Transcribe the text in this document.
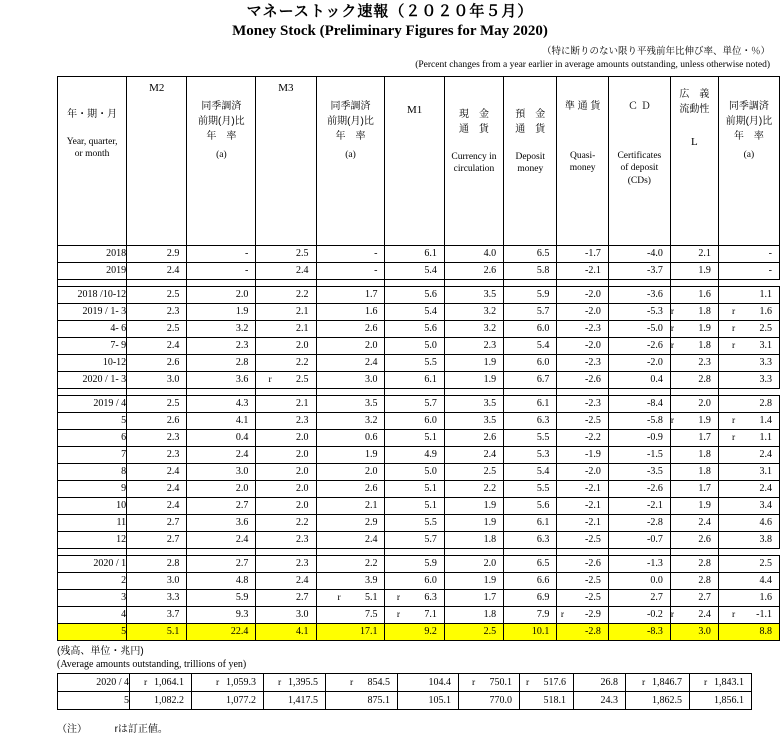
マネーストック速報（２０２０年５月）
Money Stock (Preliminary Figures for May 2020)
（特に断りのない限り平残前年比伸び率、単位・％）
(Percent changes from a year earlier in average amounts outstanding, unless otherwise noted)
年・期・月
Year, quarter,
or month

M2

同季調済
前期(月)比
年　率
(a)

M3

同季調済
前期(月)比
年　率
(a)

M1	現　金
通　貨
Currency in
circulation

預　金
通　貨
Deposit
money

準 通 貨
Quasi-
money

Ｃ Ｄ
Certificates
of deposit
(CDs)

広　義
流動性
L

同季調済
前期(月)比
年　率
(a)

2018	2.9	-	2.5	-	6.1	4.0	6.5	-1.7	-4.0	2.1	-

2019	2.4	-	2.4	-	5.4	2.6	5.8	-2.1	-3.7	1.9	-

2018 /10-12	2.5	2.0	2.2	1.7	5.6	3.5	5.9	-2.0	-3.6	1.6	1.1

2019 / 1- 3	2.3	1.9	2.1	1.6	5.4	3.2	5.7	-2.0	-5.3	r 1.8	r 1.6

4- 6	2.5	3.2	2.1	2.6	5.6	3.2	6.0	-2.3	-5.0	r 1.9	r 2.5

7- 9	2.4	2.3	2.0	2.0	5.0	2.3	5.4	-2.0	-2.6	r 1.8	r 3.1

10-12	2.6	2.8	2.2	2.4	5.5	1.9	6.0	-2.3	-2.0	2.3	3.3

2020 / 1- 3	3.0	3.6	r 2.5	3.0	6.1	1.9	6.7	-2.6	0.4	2.8	3.3

2019 / 4	2.5	4.3	2.1	3.5	5.7	3.5	6.1	-2.3	-8.4	2.0	2.8

5	2.6	4.1	2.3	3.2	6.0	3.5	6.3	-2.5	-5.8	r 1.9	r 1.4

6	2.3	0.4	2.0	0.6	5.1	2.6	5.5	-2.2	-0.9	1.7	r 1.1

7	2.3	2.4	2.0	1.9	4.9	2.4	5.3	-1.9	-1.5	1.8	2.4

8	2.4	3.0	2.0	2.0	5.0	2.5	5.4	-2.0	-3.5	1.8	3.1

9	2.4	2.0	2.0	2.6	5.1	2.2	5.5	-2.1	-2.6	1.7	2.4

10	2.4	2.7	2.0	2.1	5.1	1.9	5.6	-2.1	-2.1	1.9	3.4

11	2.7	3.6	2.2	2.9	5.5	1.9	6.1	-2.1	-2.8	2.4	4.6

12	2.7	2.4	2.3	2.4	5.7	1.8	6.3	-2.5	-0.7	2.6	3.8

2020 / 1	2.8	2.7	2.3	2.2	5.9	2.0	6.5	-2.6	-1.3	2.8	2.5

2	3.0	4.8	2.4	3.9	6.0	1.9	6.6	-2.5	0.0	2.8	4.4

3	3.3	5.9	2.7	r 5.1	r 6.3	1.7	6.9	-2.5	2.7	2.7	1.6

4	3.7	9.3	3.0	7.5	r 7.1	1.8	7.9	r -2.9	-0.2	r 2.4	r -1.1

5	5.1	22.4	4.1	17.1	9.2	2.5	10.1	-2.8	-8.3	3.0	8.8
(残高、単位・兆円)
(Average amounts outstanding, trillions of yen)
2020 / 4	r 1,064.1	r 1,059.3	r 1,395.5	r 854.5	104.4	r 750.1	r 517.6	26.8	r 1,846.7	r 1,843.1

5	1,082.2	1,077.2	1,417.5	875.1	105.1	770.0	518.1	24.3	1,862.5	1,856.1
（注）	rは訂正値。
